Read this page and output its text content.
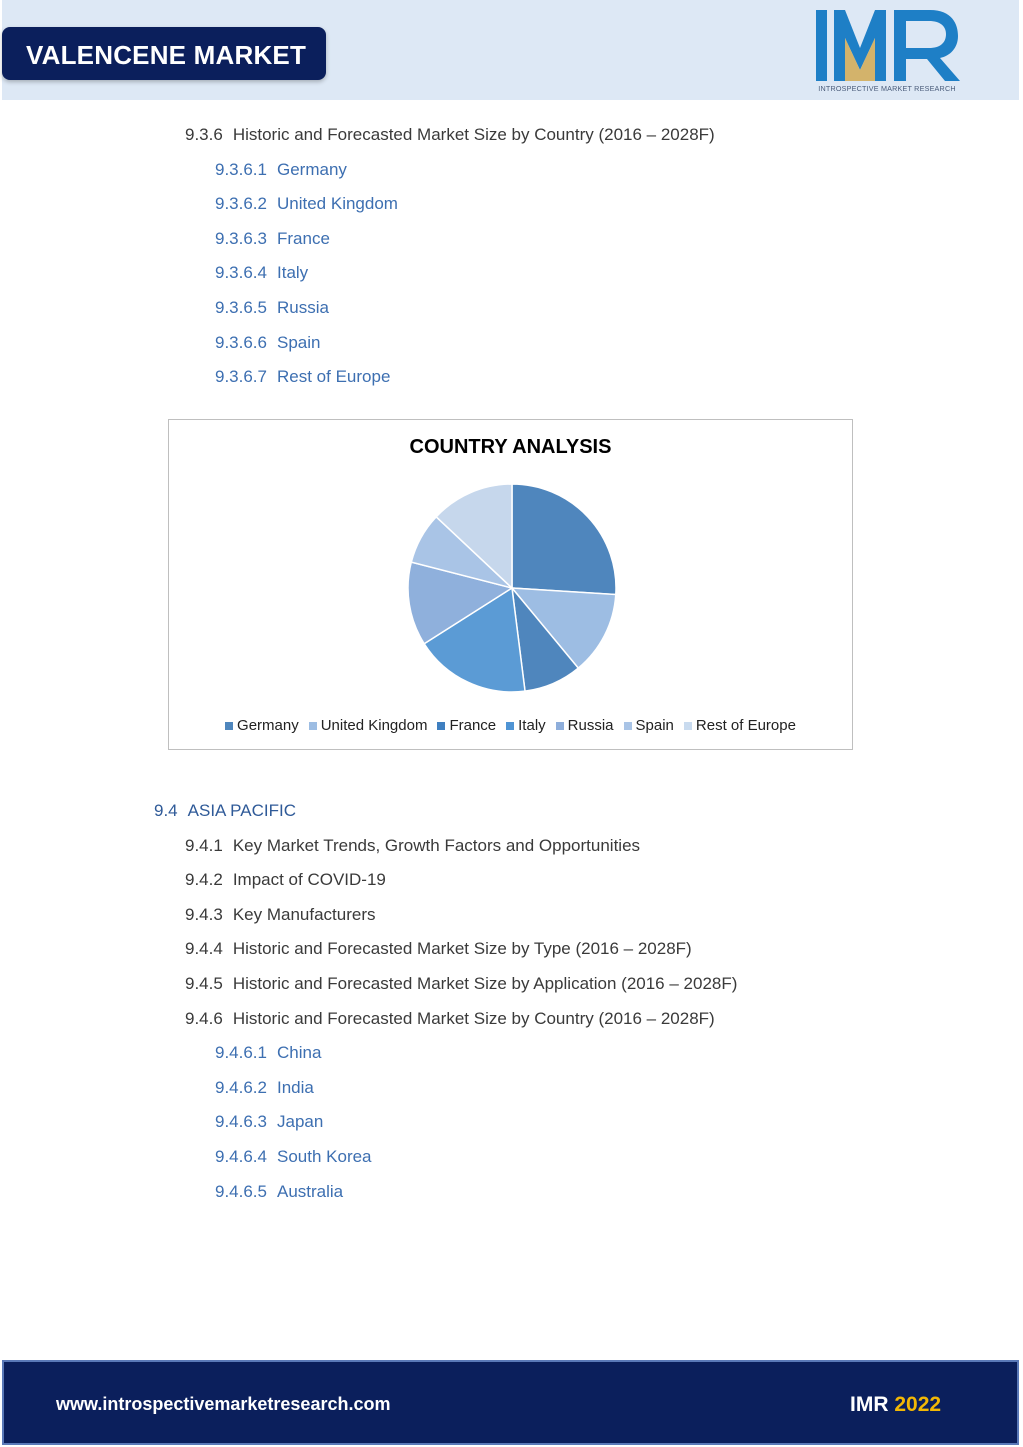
VALENCENE MARKET
INTROSPECTIVE MARKET RESEARCH
9.3.6 Historic and Forecasted Market Size by Country (2016 – 2028F)
9.3.6.1 Germany
9.3.6.2 United Kingdom
9.3.6.3 France
9.3.6.4 Italy
9.3.6.5 Russia
9.3.6.6 Spain
9.3.6.7 Rest of Europe
COUNTRY ANALYSIS
Germany United Kingdom France Italy Russia Spain Rest of Europe
9.4 ASIA PACIFIC
9.4.1 Key Market Trends, Growth Factors and Opportunities
9.4.2 Impact of COVID-19
9.4.3 Key Manufacturers
9.4.4 Historic and Forecasted Market Size by Type (2016 – 2028F)
9.4.5 Historic and Forecasted Market Size by Application (2016 – 2028F)
9.4.6 Historic and Forecasted Market Size by Country (2016 – 2028F)
9.4.6.1 China
9.4.6.2 India
9.4.6.3 Japan
9.4.6.4 South Korea
9.4.6.5 Australia
www.introspectivemarketresearch.com	IMR 2022
